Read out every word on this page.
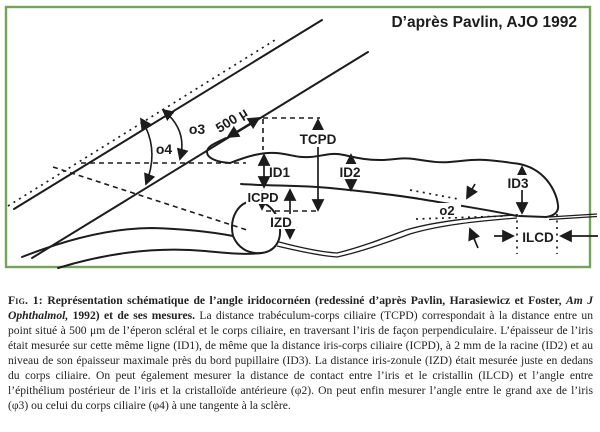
D’après Pavlin, AJO 1992
500 μ
o3
o4
TCPD
ID1
ICPD
IZD
ID2
ID3
o2
ILCD

Fig. 1: Représentation schématique de l’angle iridocornéen (redessiné d’après Pavlin, Harasiewicz et Foster, Am J Ophthalmol, 1992) et de ses mesures. La distance trabéculum-corps ciliaire (TCPD) correspondait à la distance entre un point situé à 500 μm de l’éperon scléral et le corps ciliaire, en traversant l’iris de façon perpendiculaire. L’épaisseur de l’iris était mesurée sur cette même ligne (ID1), de même que la distance iris-corps ciliaire (ICPD), à 2 mm de la racine (ID2) et au niveau de son épaisseur maximale près du bord pupillaire (ID3). La distance iris-zonule (IZD) était mesurée juste en dedans du corps ciliaire. On peut également mesurer la distance de contact entre l’iris et le cristallin (ILCD) et l’angle entre l’épithélium postérieur de l’iris et la cristalloïde antérieure (φ2). On peut enfin mesurer l’angle entre le grand axe de l’iris (φ3) ou celui du corps ciliaire (φ4) à une tangente à la sclère.
